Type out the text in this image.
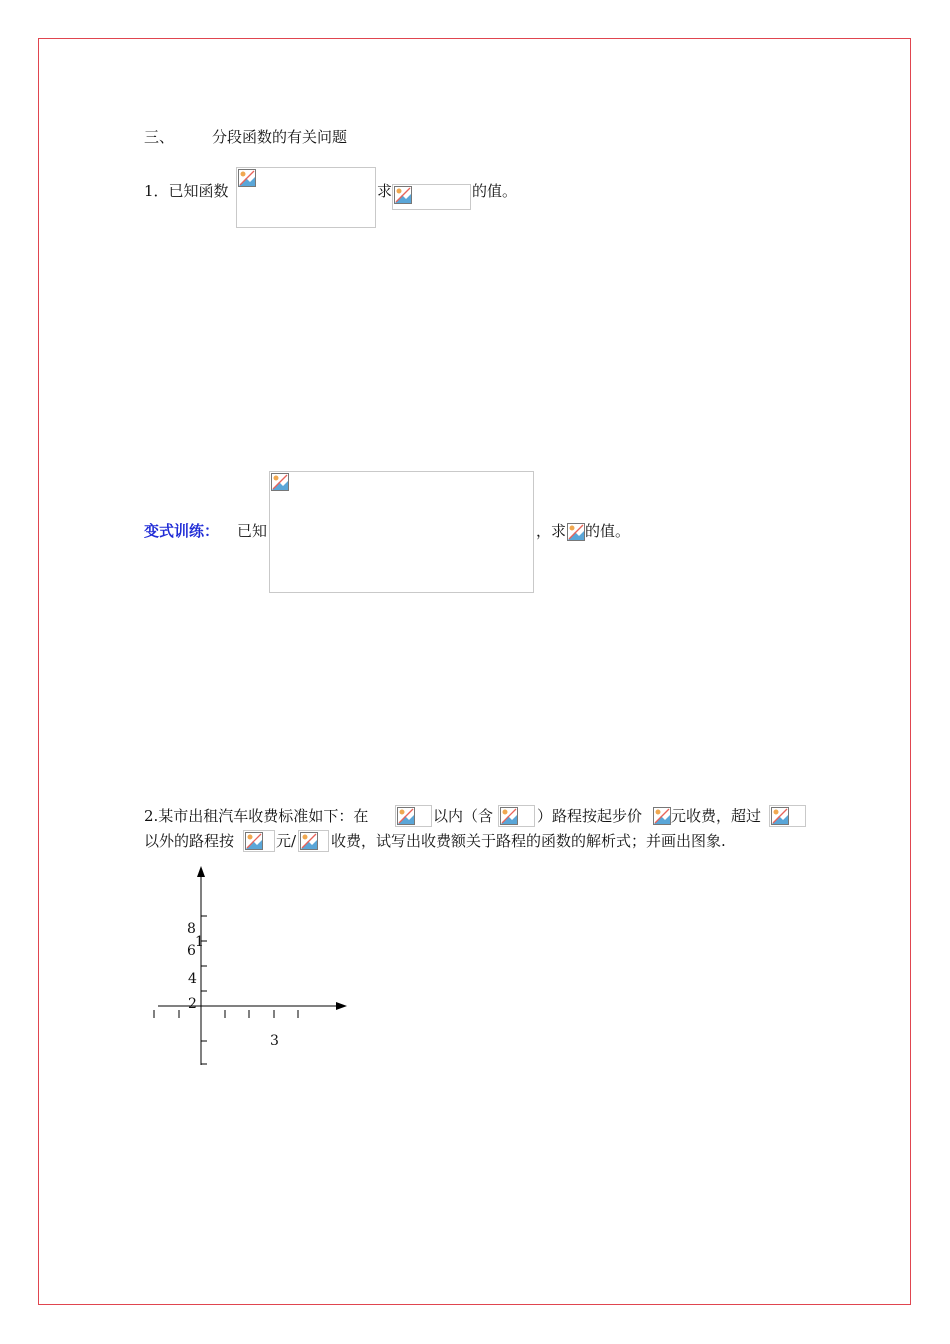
三、	分段函数的有关问题
1．已知函数	求	的值。
变式训练： 已知	，求 的值。
2.某市出租汽车收费标准如下：在	以内（含	）路程按起步价 元收费，超过
以外的路程按	元/ 收费，试写出收费额关于路程的函数的解析式；并画出图象.
8
1
6
4
2
3
